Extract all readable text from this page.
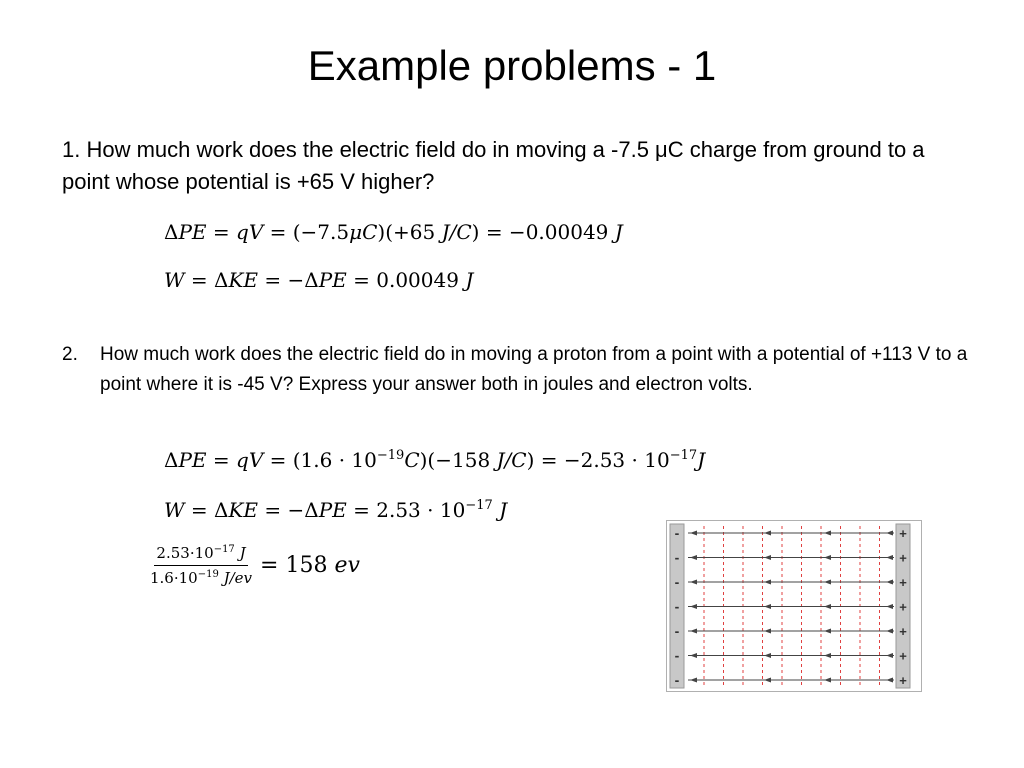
Example problems - 1
1. How much work does the electric field do in moving a -7.5 μC charge from ground to a point whose potential is +65 V higher?
ΔPE = qV = (−7.5μC)(+65 J/C) = −0.00049 J
W = ΔKE = −ΔPE = 0.00049 J
2. How much work does the electric field do in moving a proton from a point with a potential of +113 V to a point where it is -45 V? Express your answer both in joules and electron volts.
ΔPE = qV = $(1.6 \cdot 10^{-19}C)(-158$ $J/C) = -2.53 \cdot 10^{-17}J$
$W = \Delta KE = -\Delta PE = 2.53 \cdot 10^{-17}$ J
$\frac{2.53\cdot 10^{-17} J}{1.6\cdot 10^{-19} J/ev} = 158$ ev
-
-
-
-
-
-
-
+
+
+
+
+
+
+
